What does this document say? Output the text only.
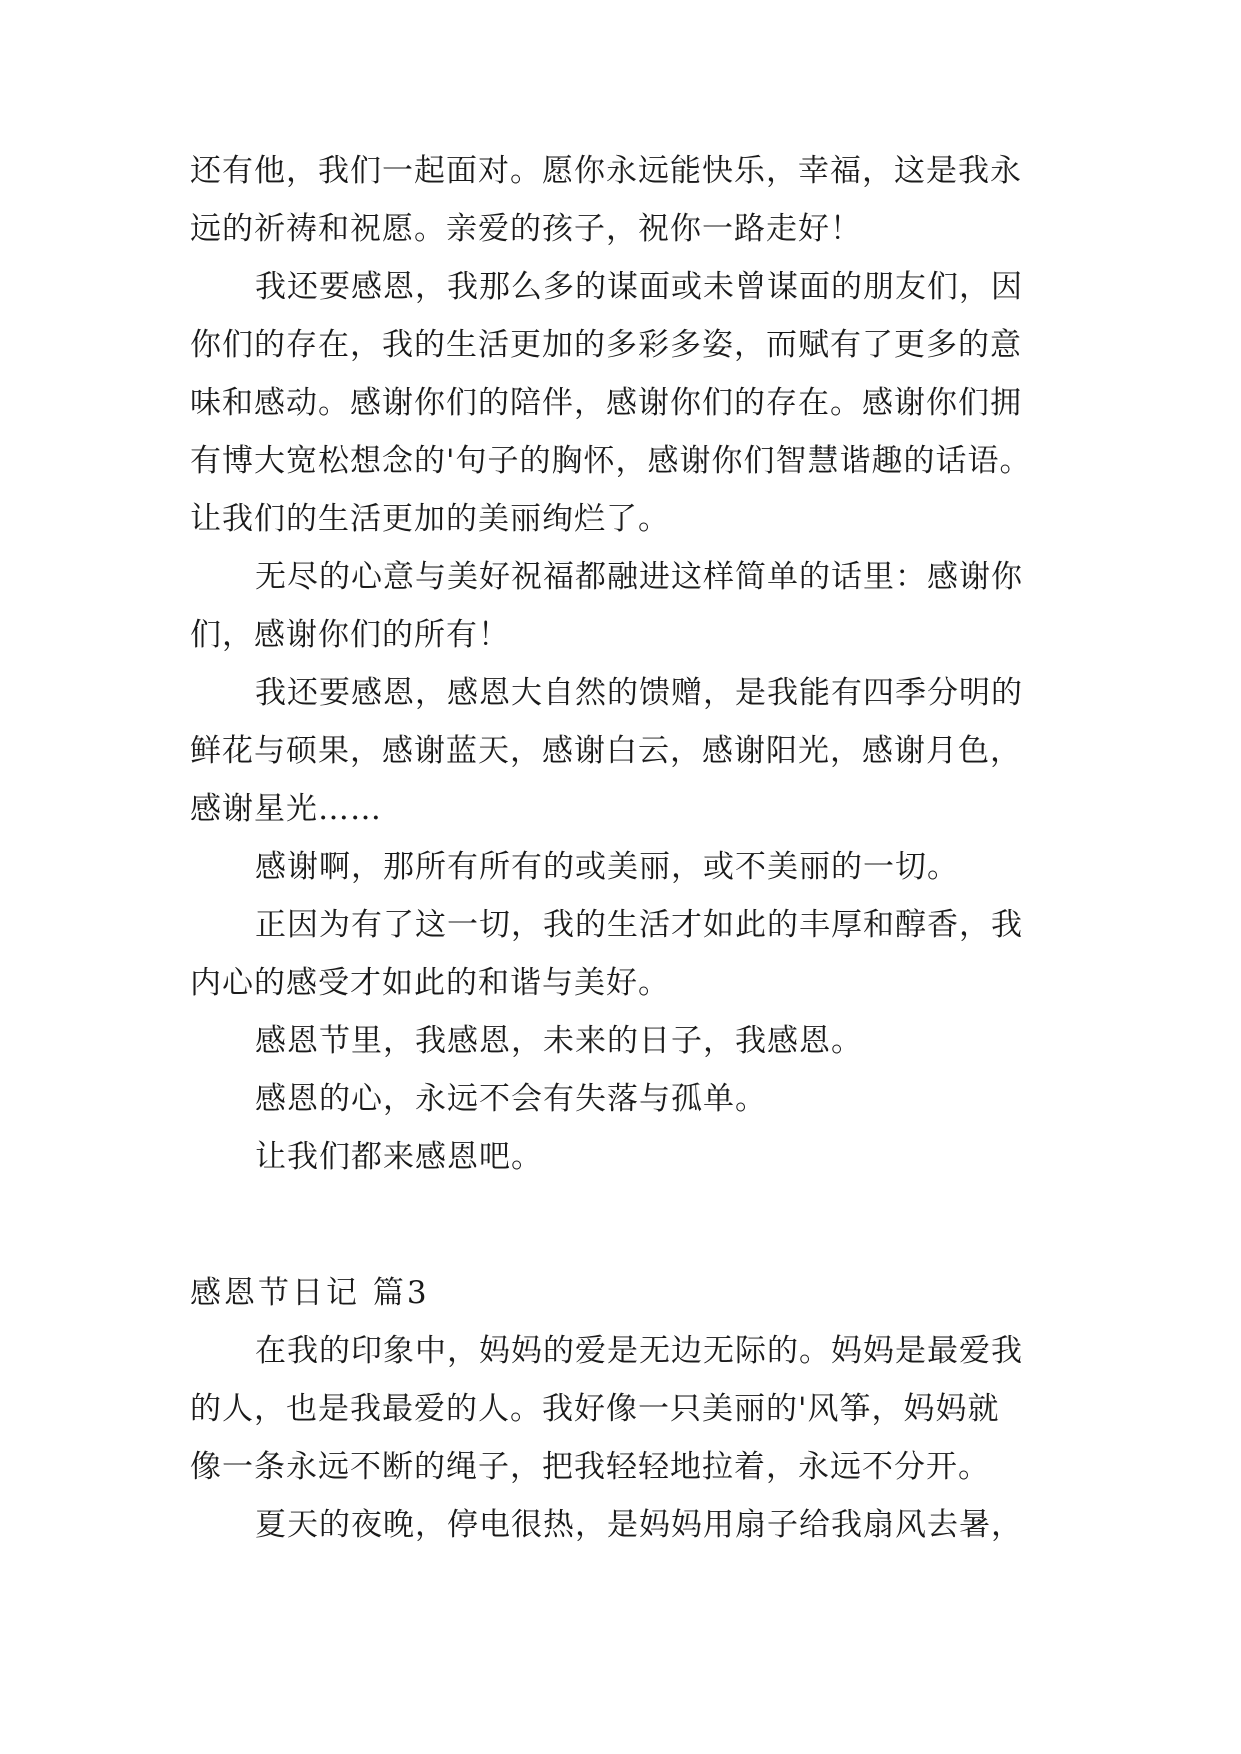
还有他，我们一起面对。愿你永远能快乐，幸福，这是我永
远的祈祷和祝愿。亲爱的孩子，祝你一路走好！
我还要感恩，我那么多的谋面或未曾谋面的朋友们，因
你们的存在，我的生活更加的多彩多姿，而赋有了更多的意
味和感动。感谢你们的陪伴，感谢你们的存在。感谢你们拥
有博大宽松想念的'句子的胸怀，感谢你们智慧谐趣的话语。
让我们的生活更加的美丽绚烂了。
无尽的心意与美好祝福都融进这样简单的话里：感谢你
们，感谢你们的所有！
我还要感恩，感恩大自然的馈赠，是我能有四季分明的
鲜花与硕果，感谢蓝天，感谢白云，感谢阳光，感谢月色，
感谢星光……
感谢啊，那所有所有的或美丽，或不美丽的一切。
正因为有了这一切，我的生活才如此的丰厚和醇香，我
内心的感受才如此的和谐与美好。
感恩节里，我感恩，未来的日子，我感恩。
感恩的心，永远不会有失落与孤单。
让我们都来感恩吧。
感恩节日记 篇3
在我的印象中，妈妈的爱是无边无际的。妈妈是最爱我
的人，也是我最爱的人。我好像一只美丽的'风筝，妈妈就
像一条永远不断的绳子，把我轻轻地拉着，永远不分开。
夏天的夜晚，停电很热，是妈妈用扇子给我扇风去暑，
